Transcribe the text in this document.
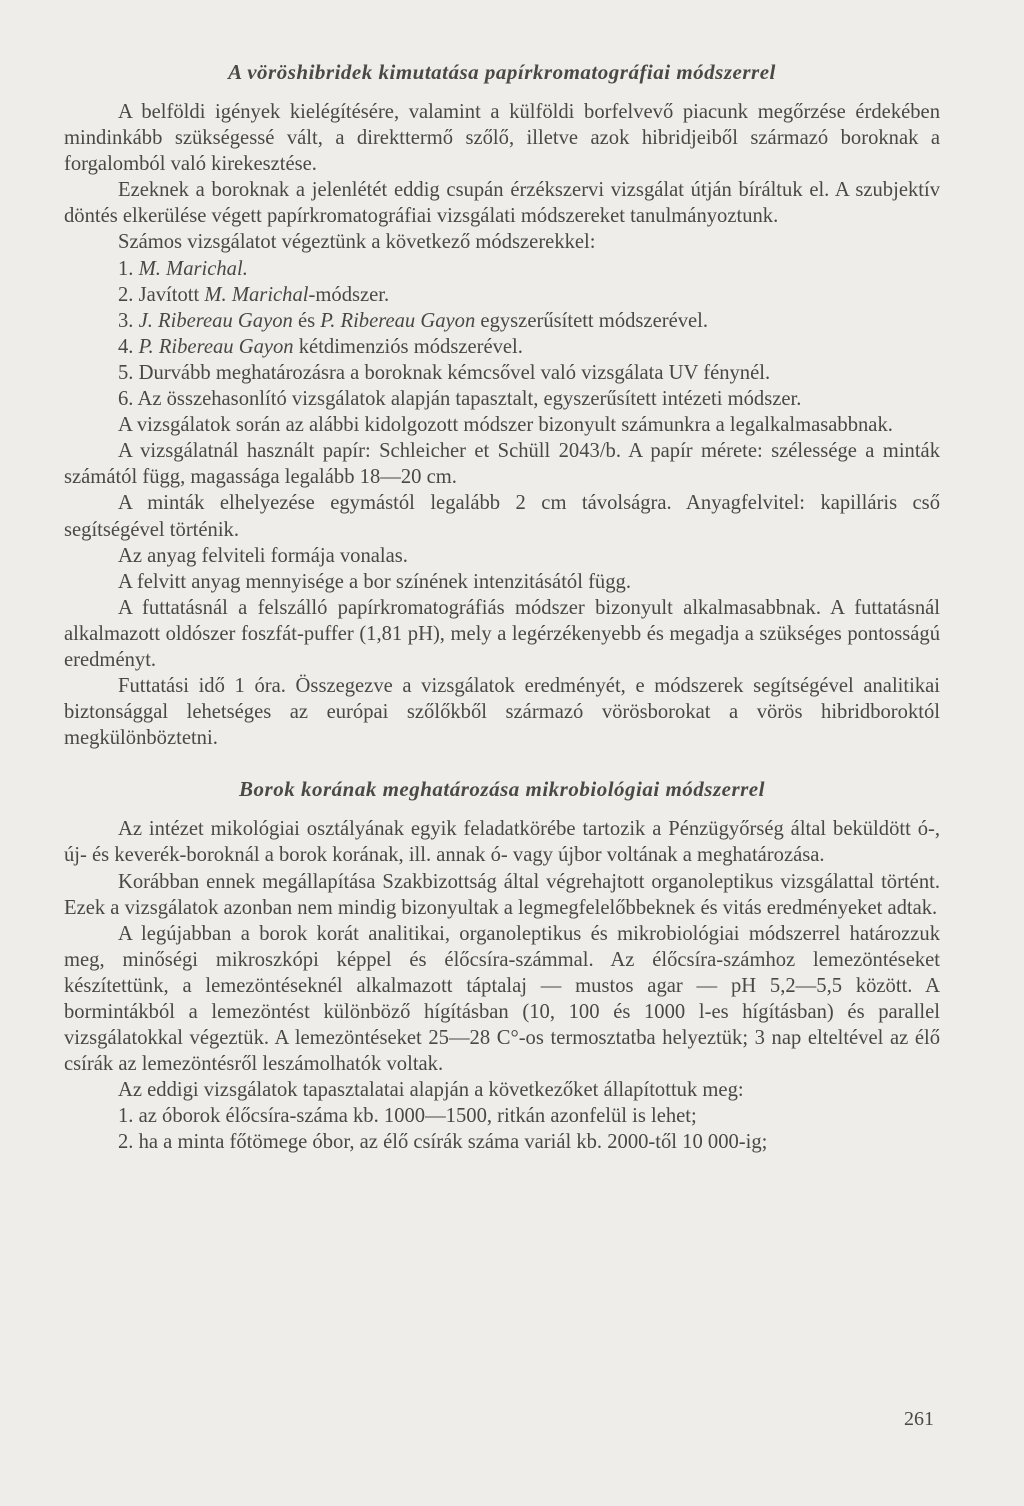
A vöröshibridek kimutatása papírkromatográfiai módszerrel

A belföldi igények kielégítésére, valamint a külföldi borfelvevő piacunk megőrzése érdekében mindinkább szükségessé vált, a direkttermő szőlő, illetve azok hibridjeiből származó boroknak a forgalomból való kirekesztése.

Ezeknek a boroknak a jelenlétét eddig csupán érzékszervi vizsgálat útján bíráltuk el. A szubjektív döntés elkerülése végett papírkromatográfiai vizsgálati módszereket tanulmányoztunk.

Számos vizsgálatot végeztünk a következő módszerekkel:

1. M. Marichal.

2. Javított M. Marichal-módszer.

3. J. Ribereau Gayon és P. Ribereau Gayon egyszerűsített módszerével.

4. P. Ribereau Gayon kétdimenziós módszerével.

5. Durvább meghatározásra a boroknak kémcsővel való vizsgálata UV fénynél.

6. Az összehasonlító vizsgálatok alapján tapasztalt, egyszerűsített intézeti módszer.

A vizsgálatok során az alábbi kidolgozott módszer bizonyult számunkra a legalkalmasabbnak.

A vizsgálatnál használt papír: Schleicher et Schüll 2043/b. A papír mérete: szélessége a minták számától függ, magassága legalább 18—20 cm.

A minták elhelyezése egymástól legalább 2 cm távolságra. Anyagfelvitel: kapilláris cső segítségével történik.

Az anyag felviteli formája vonalas.

A felvitt anyag mennyisége a bor színének intenzitásától függ.

A futtatásnál a felszálló papírkromatográfiás módszer bizonyult alkalmasabbnak. A futtatásnál alkalmazott oldószer foszfát-puffer (1,81 pH), mely a legérzékenyebb és megadja a szükséges pontosságú eredményt.

Futtatási idő 1 óra. Összegezve a vizsgálatok eredményét, e módszerek segítségével analitikai biztonsággal lehetséges az európai szőlőkből származó vörösborokat a vörös hibridboroktól megkülönböztetni.

Borok korának meghatározása mikrobiológiai módszerrel

Az intézet mikológiai osztályának egyik feladatkörébe tartozik a Pénzügyőrség által beküldött ó-, új- és keverék-boroknál a borok korának, ill. annak ó- vagy újbor voltának a meghatározása.

Korábban ennek megállapítása Szakbizottság által végrehajtott organoleptikus vizsgálattal történt. Ezek a vizsgálatok azonban nem mindig bizonyultak a legmegfelelőbbeknek és vitás eredményeket adtak.

A legújabban a borok korát analitikai, organoleptikus és mikrobiológiai módszerrel határozzuk meg, minőségi mikroszkópi képpel és élőcsíra-számmal. Az élőcsíra-számhoz lemezöntéseket készítettünk, a lemezöntéseknél alkalmazott táptalaj — mustos agar — pH 5,2—5,5 között. A bormintákból a lemezöntést különböző hígításban (10, 100 és 1000 l-es hígításban) és parallel vizsgálatokkal végeztük. A lemezöntéseket 25—28 C°-os termosztatba helyeztük; 3 nap elteltével az élő csírák az lemezöntésről leszámolhatók voltak.

Az eddigi vizsgálatok tapasztalatai alapján a következőket állapítottuk meg:

1. az óborok élőcsíra-száma kb. 1000—1500, ritkán azonfelül is lehet;

2. ha a minta főtömege óbor, az élő csírák száma variál kb. 2000-től 10 000-ig;

261
